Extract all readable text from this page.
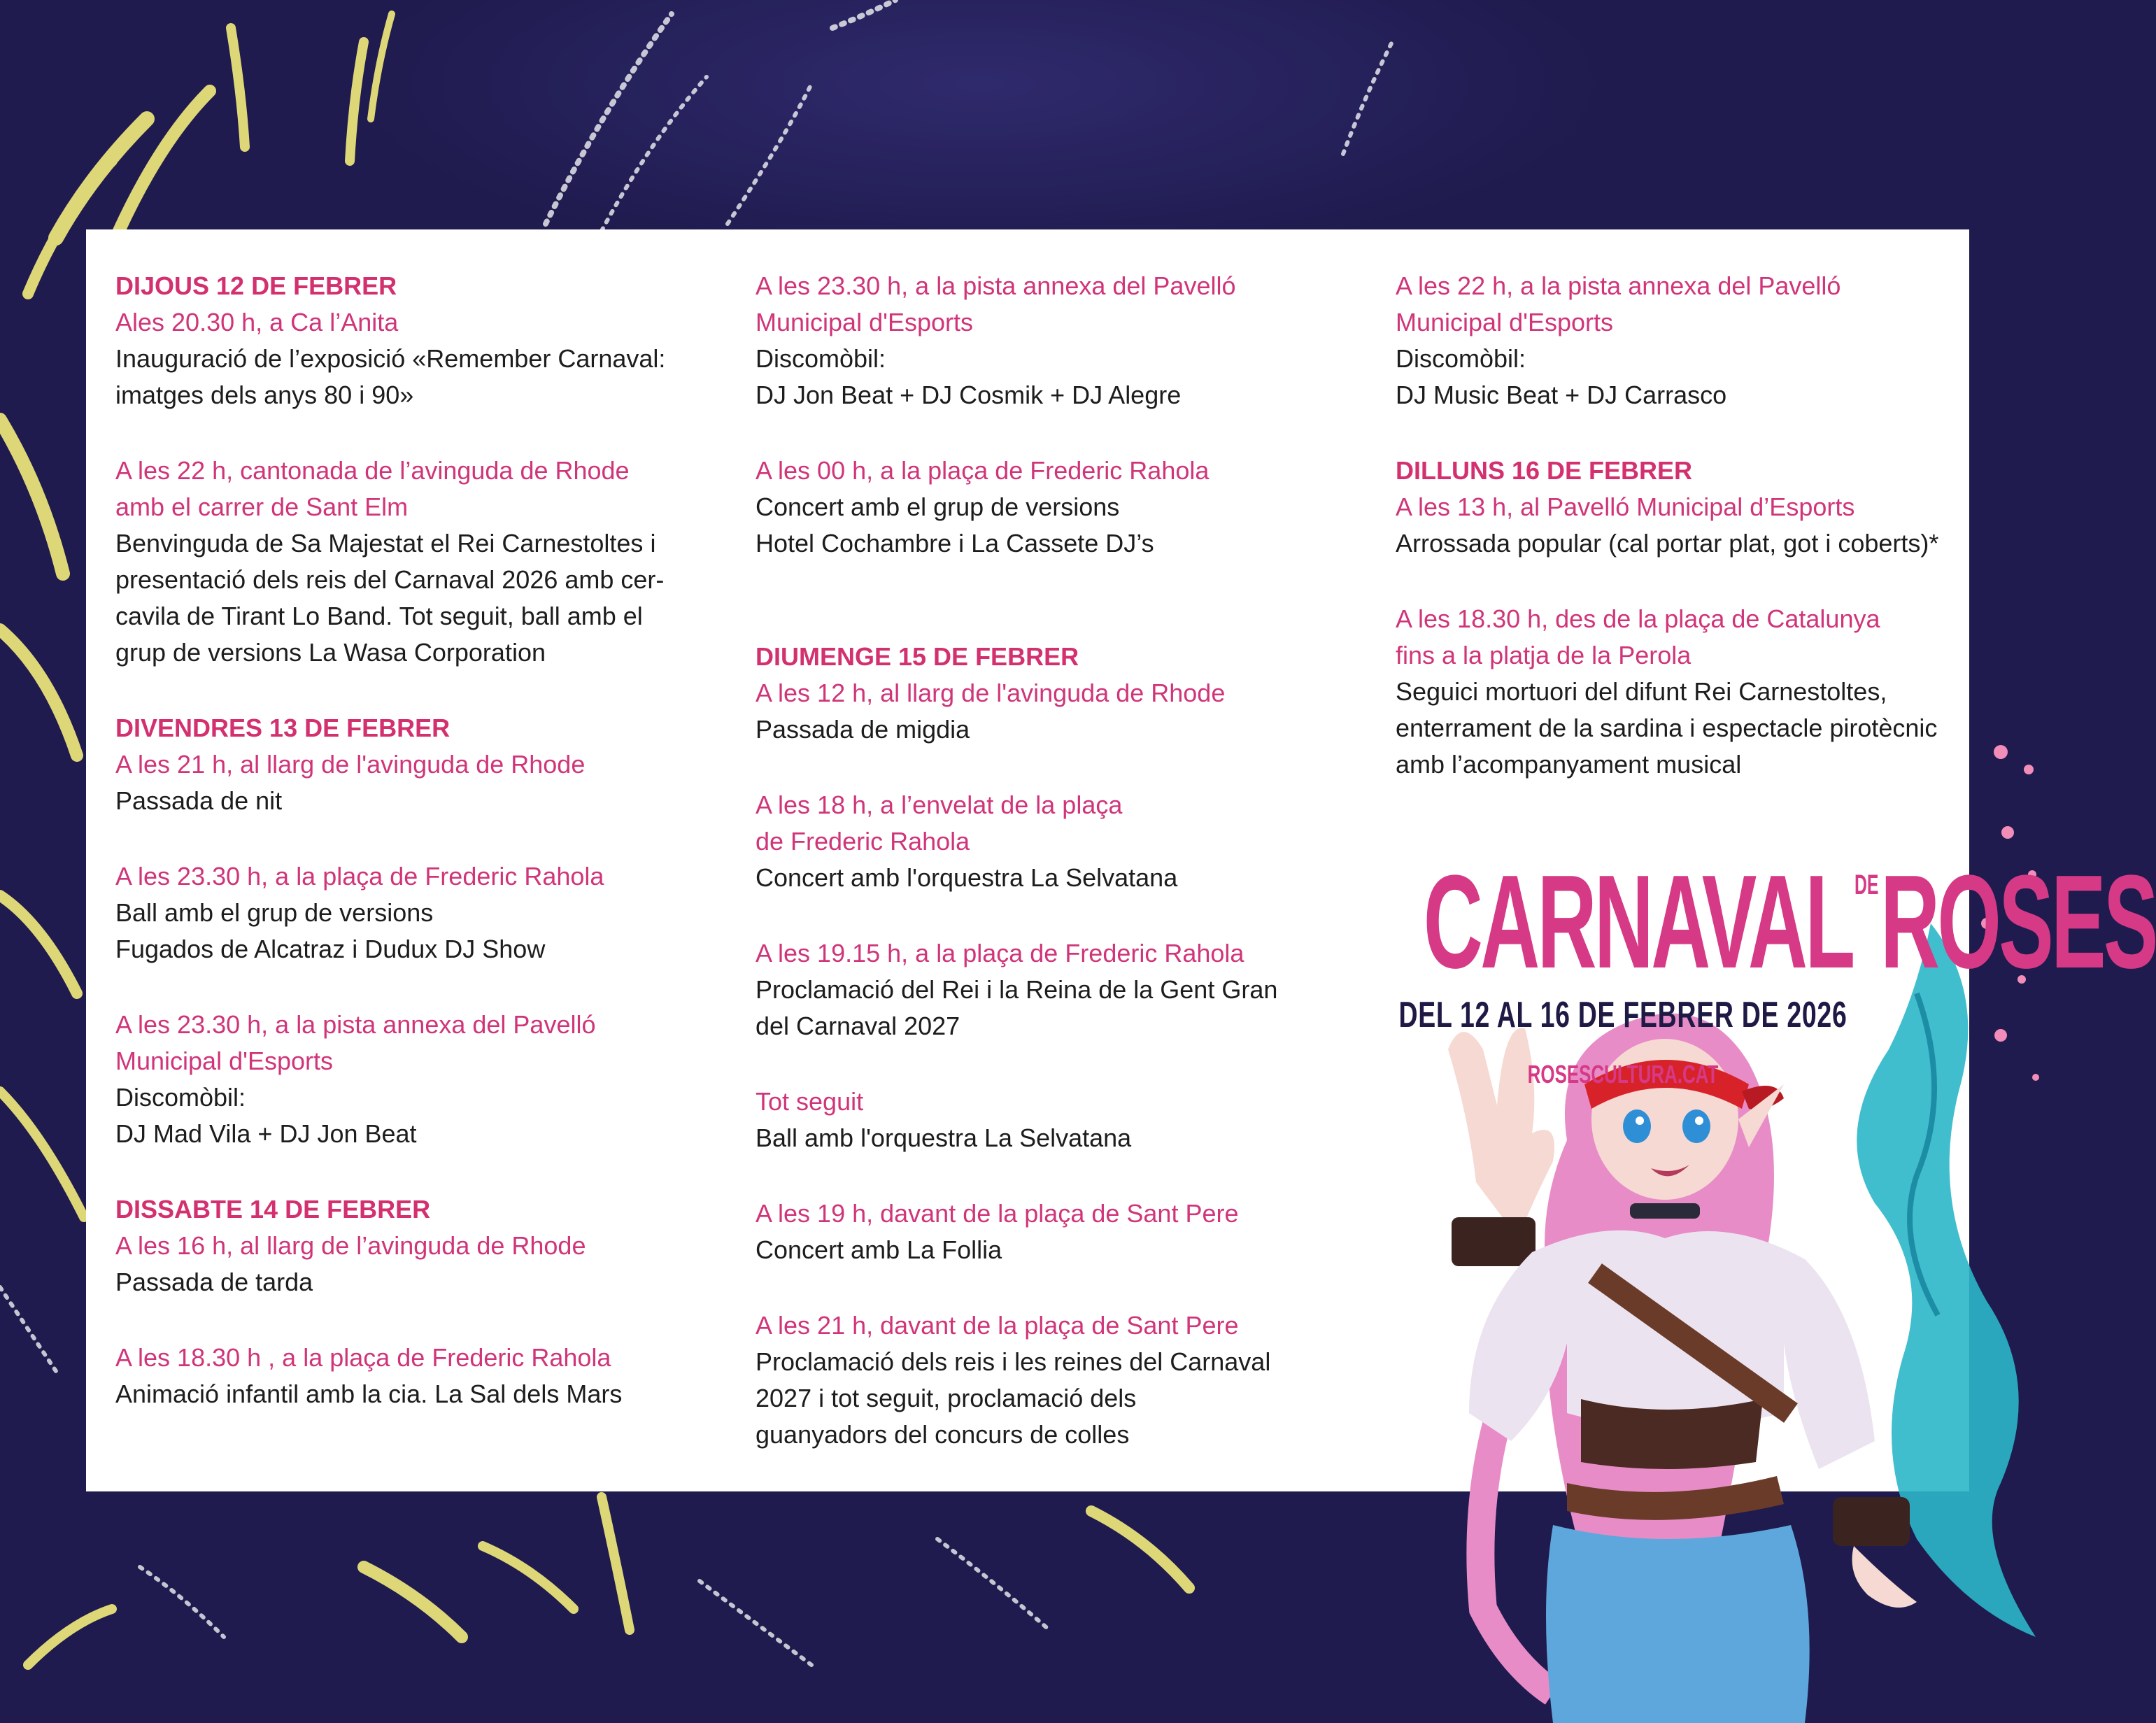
DIJOUS 12 DE FEBRER
Ales 20.30 h, a Ca l’Anita
Inauguració de l’exposició «Remember Carnaval:
imatges dels anys 80 i 90»
A les 22 h, cantonada de l’avinguda de Rhode
amb el carrer de Sant Elm
Benvinguda de Sa Majestat el Rei Carnestoltes i
presentació dels reis del Carnaval 2026 amb cer-
cavila de Tirant Lo Band. Tot seguit, ball amb el
grup de versions La Wasa Corporation
DIVENDRES 13 DE FEBRER
A les 21 h, al llarg de l'avinguda de Rhode
Passada de nit
A les 23.30 h, a la plaça de Frederic Rahola
Ball amb el grup de versions
Fugados de Alcatraz i Dudux DJ Show
A les 23.30 h, a la pista annexa del Pavelló
Municipal d'Esports
Discomòbil:
DJ Mad Vila + DJ Jon Beat
DISSABTE 14 DE FEBRER
A les 16 h, al llarg de l’avinguda de Rhode
Passada de tarda
A les 18.30 h , a la plaça de Frederic Rahola
Animació infantil amb la cia. La Sal dels Mars
A les 23.30 h, a la pista annexa del Pavelló
Municipal d'Esports
Discomòbil:
DJ Jon Beat + DJ Cosmik + DJ Alegre
A les 00 h, a la plaça de Frederic Rahola
Concert amb el grup de versions
Hotel Cochambre i La Cassete DJ’s
DIUMENGE 15 DE FEBRER
A les 12 h, al llarg de l'avinguda de Rhode
Passada de migdia
A les 18 h, a l’envelat de la plaça
de Frederic Rahola
Concert amb l'orquestra La Selvatana
A les 19.15 h, a la plaça de Frederic Rahola
Proclamació del Rei i la Reina de la Gent Gran
del Carnaval 2027
Tot seguit
Ball amb l'orquestra La Selvatana
A les 19 h, davant de la plaça de Sant Pere
Concert amb La Follia
A les 21 h, davant de la plaça de Sant Pere
Proclamació dels reis i les reines del Carnaval
2027 i tot seguit, proclamació dels
guanyadors del concurs de colles
A les 22 h, a la pista annexa del Pavelló
Municipal d'Esports
Discomòbil:
DJ Music Beat + DJ Carrasco
DILLUNS 16 DE FEBRER
A les 13 h, al Pavelló Municipal d’Esports
Arrossada popular (cal portar plat, got i coberts)*
A les 18.30 h, des de la plaça de Catalunya
fins a la platja de la Perola
Seguici mortuori del difunt Rei Carnestoltes,
enterrament de la sardina i espectacle pirotècnic
amb l’acompanyament musical
$CARNAVAL^{DE}ROSES$
DEL 12 AL 16 DE FEBRER DE 2026
ROSESCULTURA.CAT
